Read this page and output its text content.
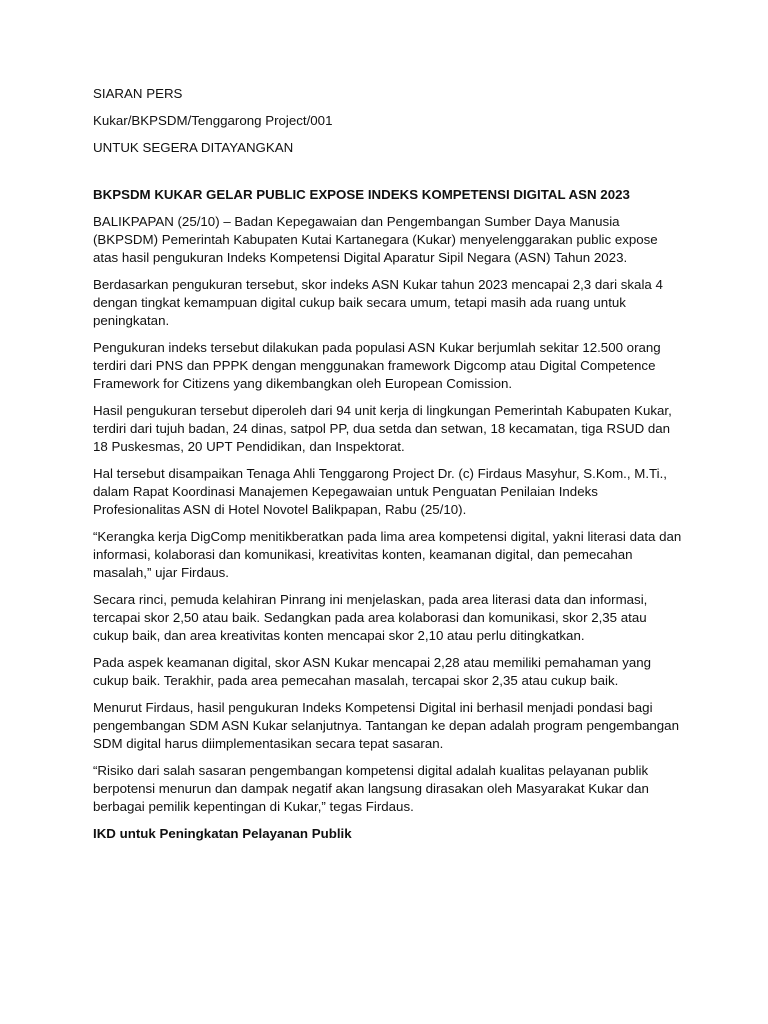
SIARAN PERS

Kukar/BKPSDM/Tenggarong Project/001

UNTUK SEGERA DITAYANGKAN

BKPSDM KUKAR GELAR PUBLIC EXPOSE INDEKS KOMPETENSI DIGITAL ASN 2023

BALIKPAPAN (25/10) – Badan Kepegawaian dan Pengembangan Sumber Daya Manusia (BKPSDM) Pemerintah Kabupaten Kutai Kartanegara (Kukar) menyelenggarakan public expose atas hasil pengukuran Indeks Kompetensi Digital Aparatur Sipil Negara (ASN) Tahun 2023.

Berdasarkan pengukuran tersebut, skor indeks ASN Kukar tahun 2023 mencapai 2,3 dari skala 4 dengan tingkat kemampuan digital cukup baik secara umum, tetapi masih ada ruang untuk peningkatan.

Pengukuran indeks tersebut dilakukan pada populasi ASN Kukar berjumlah sekitar 12.500 orang terdiri dari PNS dan PPPK dengan menggunakan framework Digcomp atau Digital Competence Framework for Citizens yang dikembangkan oleh European Comission.

Hasil pengukuran tersebut diperoleh dari 94 unit kerja di lingkungan Pemerintah Kabupaten Kukar, terdiri dari tujuh badan, 24 dinas, satpol PP, dua setda dan setwan, 18 kecamatan, tiga RSUD dan 18 Puskesmas, 20 UPT Pendidikan, dan Inspektorat.

Hal tersebut disampaikan Tenaga Ahli Tenggarong Project Dr. (c) Firdaus Masyhur, S.Kom., M.Ti., dalam Rapat Koordinasi Manajemen Kepegawaian untuk Penguatan Penilaian Indeks Profesionalitas ASN di Hotel Novotel Balikpapan, Rabu (25/10).

“Kerangka kerja DigComp menitikberatkan pada lima area kompetensi digital, yakni literasi data dan informasi, kolaborasi dan komunikasi, kreativitas konten, keamanan digital, dan pemecahan masalah,” ujar Firdaus.

Secara rinci, pemuda kelahiran Pinrang ini menjelaskan, pada area literasi data dan informasi, tercapai skor 2,50 atau baik. Sedangkan pada area kolaborasi dan komunikasi, skor 2,35 atau cukup baik, dan area kreativitas konten mencapai skor 2,10 atau perlu ditingkatkan.

Pada aspek keamanan digital, skor ASN Kukar mencapai 2,28 atau memiliki pemahaman yang cukup baik. Terakhir, pada area pemecahan masalah, tercapai skor 2,35 atau cukup baik.

Menurut Firdaus, hasil pengukuran Indeks Kompetensi Digital ini berhasil menjadi pondasi bagi pengembangan SDM ASN Kukar selanjutnya. Tantangan ke depan adalah program pengembangan SDM digital harus diimplementasikan secara tepat sasaran.

“Risiko dari salah sasaran pengembangan kompetensi digital adalah kualitas pelayanan publik berpotensi menurun dan dampak negatif akan langsung dirasakan oleh Masyarakat Kukar dan berbagai pemilik kepentingan di Kukar,” tegas Firdaus.

IKD untuk Peningkatan Pelayanan Publik
